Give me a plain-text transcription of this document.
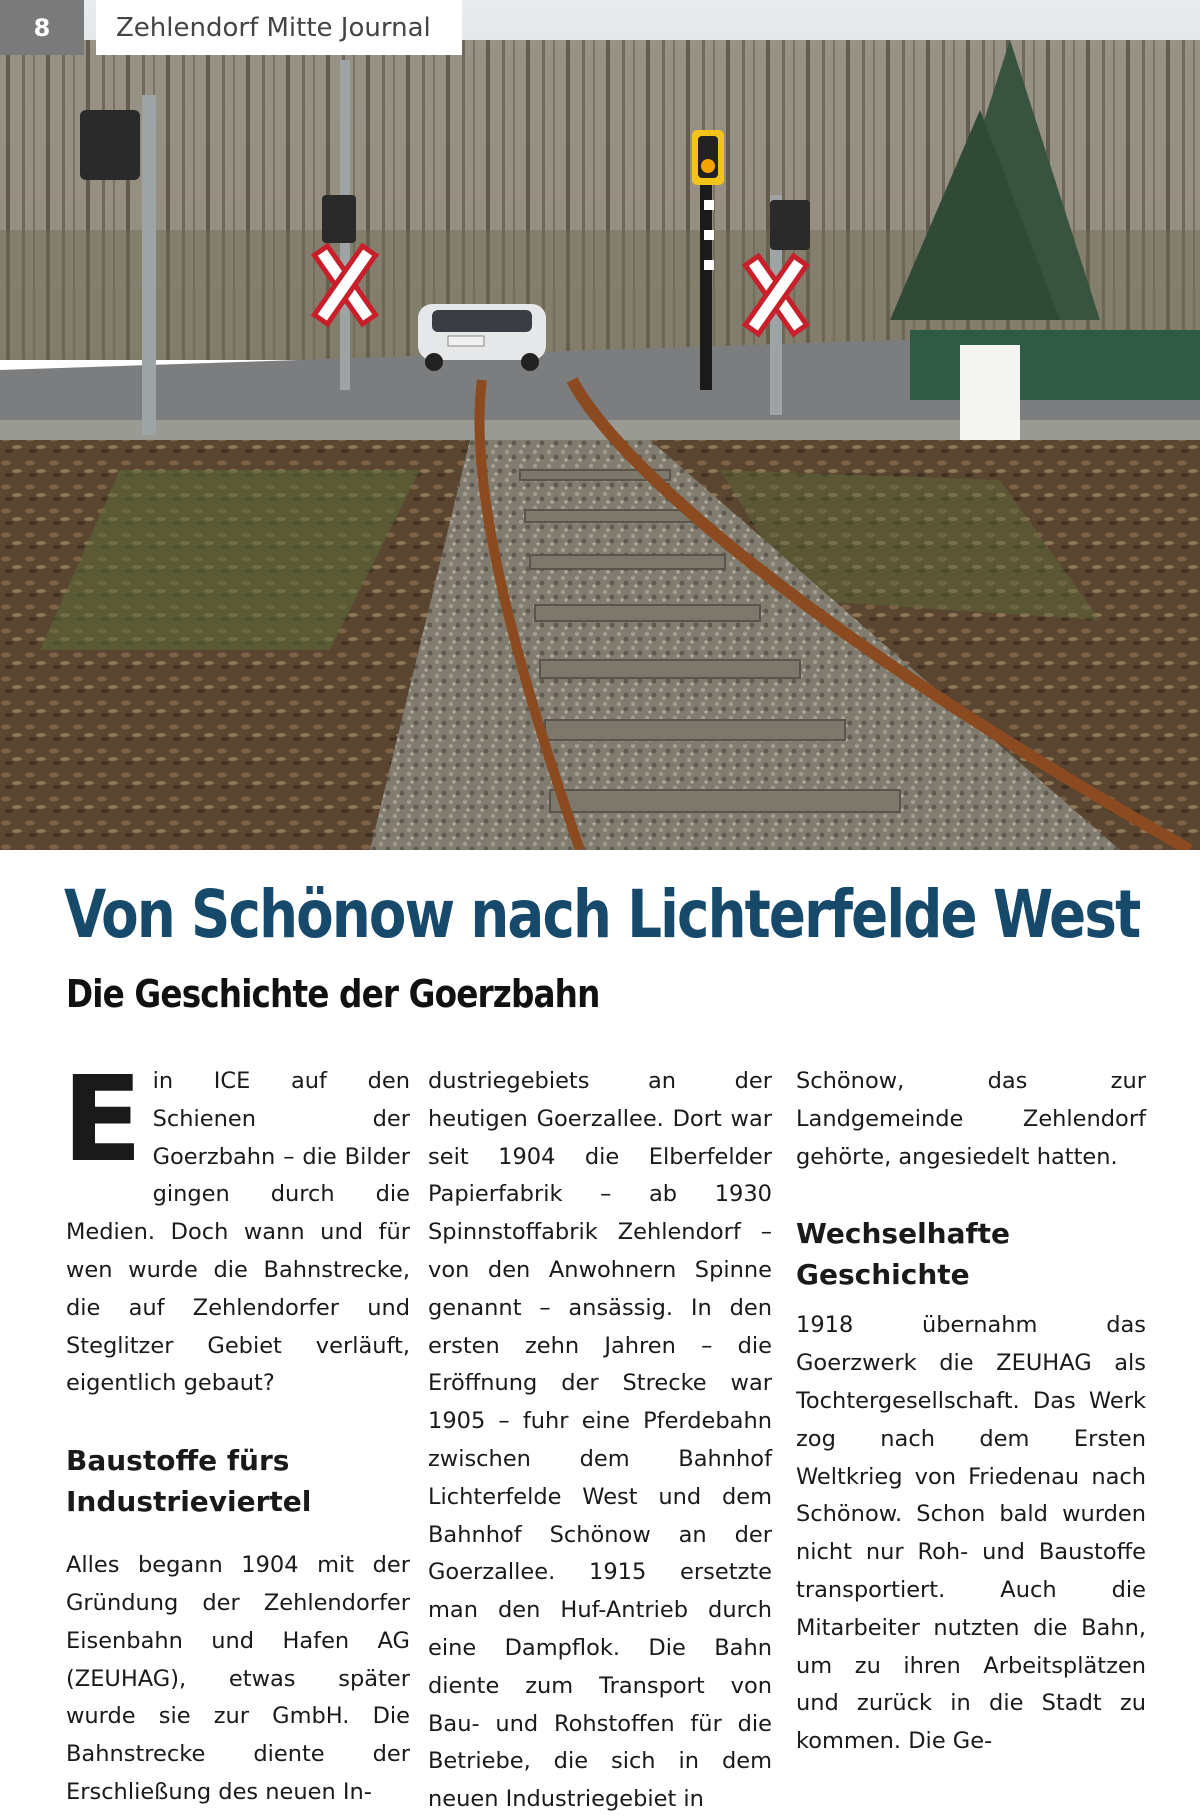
8	Zehlendorf Mitte Journal
Von Schönow nach Lichterfelde West
Die Geschichte der Goerzbahn

Ein ICE auf den Schienen der Goerzbahn – die Bilder gingen durch die Medien. Doch wann und für wen wurde die Bahnstrecke, die auf Zehlendorfer und Steglitzer Gebiet verläuft, eigentlich gebaut?

Baustoffe fürs Industrieviertel

Alles begann 1904 mit der Gründung der Zehlendorfer Eisenbahn und Hafen AG (ZEUHAG), etwas später wurde sie zur GmbH. Die Bahnstrecke diente der Erschließung des neuen In-

dustriegebiets an der heutigen Goerzallee. Dort war seit 1904 die Elberfelder Papierfabrik – ab 1930 Spinnstoffabrik Zehlendorf – von den Anwohnern Spinne genannt – ansässig. In den ersten zehn Jahren – die Eröffnung der Strecke war 1905 – fuhr eine Pferdebahn zwischen dem Bahnhof Lichterfelde West und dem Bahnhof Schönow an der Goerzallee. 1915 ersetzte man den Huf-Antrieb durch eine Dampflok. Die Bahn diente zum Transport von Bau- und Rohstoffen für die Betriebe, die sich in dem neuen Industriegebiet in

Schönow, das zur Landgemeinde Zehlendorf gehörte, angesiedelt hatten.

Wechselhafte Geschichte

1918 übernahm das Goerzwerk die ZEUHAG als Tochtergesellschaft. Das Werk zog nach dem Ersten Weltkrieg von Friedenau nach Schönow. Schon bald wurden nicht nur Roh- und Baustoffe transportiert. Auch die Mitarbeiter nutzten die Bahn, um zu ihren Arbeitsplätzen und zurück in die Stadt zu kommen. Die Ge-
